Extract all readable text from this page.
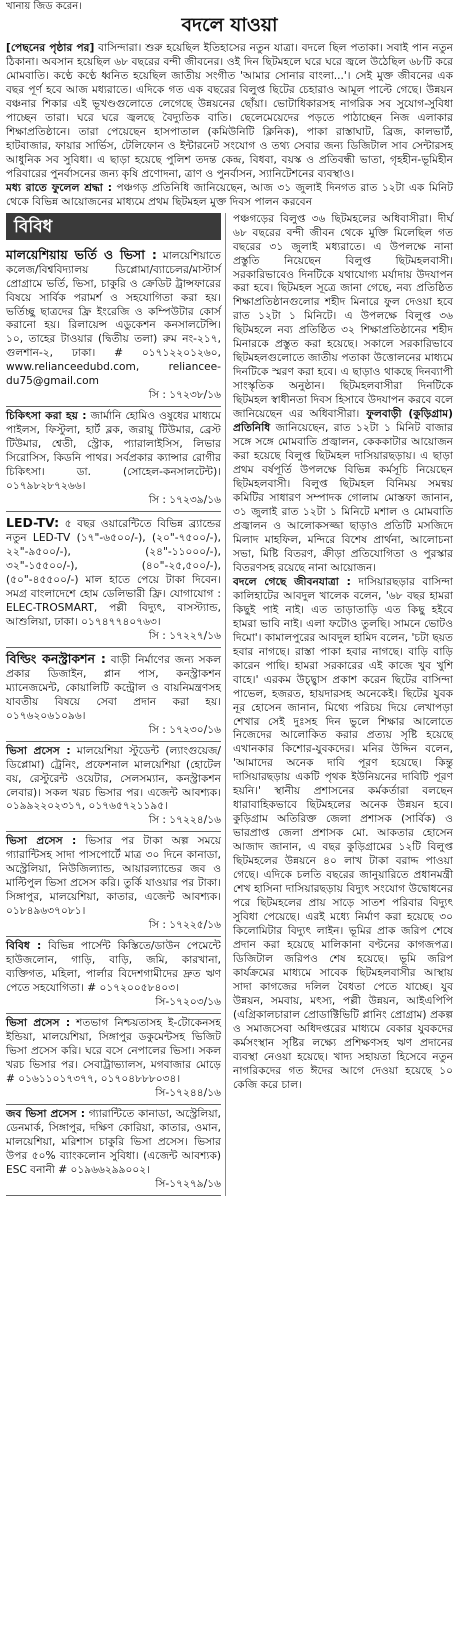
খানায় জিড করেন।
বদলে যাওয়া

[পেছনের পৃষ্ঠার পর] বাসিন্দারা। শুরু হয়েছিল ইতিহাসের নতুন যাত্রা। বদলে ছিল পতাকা। সবাই পান নতুন ঠিকানা। অবসান হয়েছিল ৬৮ বছরের বন্দী জীবনের। ওই দিন ছিটমহলে ঘরে ঘরে জ্বলে উঠেছিল ৬৮টি করে মোমবাতি। কণ্ঠে কণ্ঠে ধ্বনিত হয়েছিল জাতীয় সংগীত 'আমার সোনার বাংলা...'। সেই মুক্ত জীবনের এক বছর পূর্ণ হবে আজ মধ্যরাতে। এদিকে গত এক বছরের বিলুপ্ত ছিটের চেহারাও আমূল পাল্টে গেছে। উন্নয়ন বঞ্চনার শিকার এই ভূখণ্ডগুলোতে লেগেছে উন্নয়নের ছোঁয়া। ভোটাধিকারসহ নাগরিক সব সুযোগ-সুবিধা পাচ্ছেন তারা। ঘরে ঘরে জ্বলছে বৈদ্যুতিক বাতি। ছেলেমেয়েদের পড়তে পাঠাচ্ছেন নিজ এলাকার শিক্ষাপ্রতিষ্ঠানে। তারা পেয়েছেন হাসপাতাল (কমিউনিটি ক্লিনিক), পাকা রাস্তাঘাট, ব্রিজ, কালভার্ট, হাটবাজার, ফায়ার সার্ভিস, টেলিফোন ও ইন্টারনেট সংযোগ ও তথ্য সেবার জন্য ডিজিটাল সাব সেন্টারসহ আধুনিক সব সুবিধা। এ ছাড়া হয়েছে পুলিশ তদন্ত কেন্দ্র, বিধবা, বয়স্ক ও প্রতিবন্ধী ভাতা, গৃহহীন-ভূমিহীন পরিবারের পুনর্বাসনের জন্য কৃষি প্রণোদনা, ত্রাণ ও পুনর্বাসন, স্যানিটেশনের ব্যবস্থাও।

মধ্য রাতে ফুলেল শ্রদ্ধা : পঞ্চগড় প্রতিনিধি জানিয়েছেন, আজ ৩১ জুলাই দিনগত রাত ১২টা এক মিনিট থেকে বিভিন্ন আয়োজনের মাধ্যমে প্রথম ছিটমহল মুক্ত দিবস পালন করবেন

বিবিধ
মালয়েশিয়ায় ভর্তি ও ভিসা : মালয়েশিয়াতে কলেজ/বিশ্ববিদ্যালয় ডিপ্লোমা/ব্যাচেলর/মাস্টার্স প্রোগ্রামে ভর্তি, ভিসা, চাকুরি ও ক্রেডিট ট্রান্সফারের বিষয়ে সার্বিক পরামর্শ ও সহযোগিতা করা হয়। ভর্তিচ্ছু ছাত্রদের ফ্রি ইংরেজি ও কম্পিউটার কোর্স করানো হয়। রিলায়েন্স এডুকেশন কনসালটেন্সি। ১০, তাহের টাওয়ার (দ্বিতীয় তলা) রুম নং-২১৭, গুলশান-২, ঢাকা। # ০১৭১২২০১২৬০, www.relianceedubd.com, reliancee-du75@gmail.com
সি : ১৭২৩৮/১৬
চিকিৎসা করা হয় : জার্মানি হোমিও ওষুধের মাধ্যমে পাইলস, ফিস্টুলা, হার্ট ব্লক, জরায়ু টিউমার, ব্রেস্ট টিউমার, শ্বেতী, স্ট্রোক, প্যারালাইসিস, লিভার সিরোসিস, কিডনি পাথর। সর্বপ্রকার ক্যান্সার রোগীর চিকিৎসা। ডা. (সোহেল-কনসালটেন্ট)। ০১৭৯৮২৮৭২৬৬।
সি : ১৭২৩৯/১৬
LED-TV: ৫ বছর ওয়ারেন্টিতে বিভিন্ন ব্র্যান্ডের নতুন LED-TV (১৭"-৬৫০০/-), (২০"-৭৫০০/-), ২২"-৯৫০০/-), (২৪"-১১০০০/-), ৩২"-১৫৫০০/-), (৪০"-২৫,৫০০/-), (৫০"-৪৫৫০০/-) মাল হাতে পেয়ে টাকা দিবেন। সমগ্র বাংলাদেশে হোম ডেলিভারী ফ্রি। যোগাযোগ : ELEC-TROSMART, পল্লী বিদ্যুৎ, বাসস্ট্যান্ড, আশুলিয়া, ঢাকা। ০১৭৪৭৭৪০৭৬৩।
সি : ১৭২২৭/১৬
বিল্ডিং কনস্ট্রাকশন : বাড়ী নির্মাণের জন্য সকল প্রকার ডিজাইন, প্লান পাস, কনস্ট্রাকশন ম্যানেজমেন্ট, কোয়ালিটি কন্ট্রোল ও বায়নিমন্ত্রণসহ যাবতীয় বিষয়ে সেবা প্রদান করা হয়। ০১৭৬২০৬১০৯৬।
সি : ১৭২৩০/১৬
ভিসা প্রসেস : মালয়েশিয়া স্টুডেন্ট (ল্যাংগুয়েজ/ডিপ্লোমা) ট্রেনিং, প্রফেশনাল মালয়েশিয়া (হোটেল বয়, রেস্টুরেন্ট ওয়েটার, সেলসম্যান, কনস্ট্রাকশন লেবার)। সকল খরচ ভিসার পর। এজেন্ট আবশ্যক। ০১৯৯২২০২৩১৭, ০১৭৬৫৭২১১৯৫।
সি : ১৭২২৪/১৬
ভিসা প্রসেস : ভিসার পর টাকা অল্প সময়ে গ্যারান্টিসহ সাদা পাসপোর্টে মাত্র ৩০ দিনে কানাডা, অস্ট্রেলিয়া, নিউজিল্যান্ড, আয়ারল্যান্ডের জব ও মাল্টিপুল ভিসা প্রসেস করি। তুর্কি যাওয়ার পর টাকা। সিঙ্গাপুর, মালয়েশিয়া, কাতার, এজেন্ট আবশ্যক। ০১৮৪৯৬৩৭০৮১।
সি : ১৭২২৫/১৬
বিবিধ : বিভিন্ন পার্সেন্ট কিস্তিতে/ডাউন পেমেন্টে হাউজলোন, গাড়ি, বাড়ি, জমি, কারখানা, ব্যক্তিগত, মহিলা, পার্লার বিদেশগামীদের দ্রুত ঋণ পেতে সহযোগিতা। # ০১৭২০০৫৮৪০৩।
সি-১৭২০৩/১৬
ভিসা প্রসেস : শতভাগ নিশ্চয়তাসহ ই-টোকেনসহ ইন্ডিয়া, মালয়েশিয়া, সিঙ্গাপুর ডকুমেন্টসহ ভিজিট ভিসা প্রসেস করি। ঘরে বসে নেপালের ভিসা। সকল খরচ ভিসার পর। সেবাট্রাভ্যালস, মগবাজার মোড়ে # ০১৬১১০১৭৩৭৭, ০১৭০৪৮৮৮০৩৪।
সি-১৭২৪৪/১৬
জব ভিসা প্রসেস : গ্যারান্টিতে কানাডা, অস্ট্রেলিয়া, ডেনমার্ক, সিঙ্গাপুর, দক্ষিণ কোরিয়া, কাতার, ওমান, মালয়েশিয়া, মরিশাস চাকুরি ভিসা প্রসেস। ভিসার উপর ৫০% ব্যাংকলোন সুবিধা। (এজেন্ট আবশ্যক) ESC বনানী # ০১৯৬৬২৯৯০০২।
সি-১৭২৭৯/১৬

পঞ্চগড়ের বিলুপ্ত ৩৬ ছিটমহলের অধিবাসীরা। দীর্ঘ ৬৮ বছরের বন্দী জীবন থেকে মুক্তি মিলেছিল গত বছরের ৩১ জুলাই মধ্যরাতে। এ উপলক্ষে নানা প্রস্তুতি নিয়েছেন বিলুপ্ত ছিটমহলবাসী। সরকারিভাবেও দিনটিকে যথাযোগ্য মর্যাদায় উদযাপন করা হবে। ছিটমহল সূত্রে জানা গেছে, নব্য প্রতিষ্ঠিত শিক্ষাপ্রতিষ্ঠানগুলোর শহীদ মিনারে ফুল দেওয়া হবে রাত ১২টা ১ মিনিটে। এ উপলক্ষে বিলুপ্ত ৩৬ ছিটমহলে নব্য প্রতিষ্ঠিত ৩২ শিক্ষাপ্রতিষ্ঠানের শহীদ মিনারকে প্রস্তুত করা হয়েছে। সকালে সরকারিভাবে ছিটমহলগুলোতে জাতীয় পতাকা উত্তোলনের মাধ্যমে দিনটিকে স্মরণ করা হবে। এ ছাড়াও থাকছে দিনব্যাপী সাংস্কৃতিক অনুষ্ঠান। ছিটমহলবাসীরা দিনটিকে ছিটমহল স্বাধীনতা দিবস হিসাবে উদযাপন করবে বলে জানিয়েছেন এর অধিবাসীরা। ফুলবাড়ী (কুড়িগ্রাম) প্রতিনিধি জানিয়েছেন, রাত ১২টা ১ মিনিট বাজার সঙ্গে সঙ্গে মোমবাতি প্রজ্বালন, কেককাটার আয়োজন করা হয়েছে বিলুপ্ত ছিটমহল দাসিয়ারছড়ায়। এ ছাড়া প্রথম বর্ষপূর্তি উপলক্ষে বিভিন্ন কর্মসূচি নিয়েছেন ছিটমহলবাসী। বিলুপ্ত ছিটমহল বিনিময় সমন্বয় কমিটির সাধারণ সম্পাদক গোলাম মোস্তফা জানান, ৩১ জুলাই রাত ১২টা ১ মিনিটে মশাল ও মোমবাতি প্রজ্বালন ও আলোকসজ্জা ছাড়াও প্রতিটি মসজিদে মিলাদ মাহফিল, মন্দিরে বিশেষ প্রার্থনা, আলোচনা সভা, মিষ্টি বিতরণ, ক্রীড়া প্রতিযোগিতা ও পুরস্কার বিতরণসহ রয়েছে নানা আয়োজন।

বদলে গেছে জীবনযাত্রা : দাসিয়ারছড়ার বাসিন্দা কালিহাটের আবদুল খালেক বলেন, '৬৮ বছর হামরা কিছুই পাই নাই। এত তাড়াতাড়ি এত কিছু হইবে হামরা ভাবি নাই। এলা ফটোও তুলছি। সামনে ভোটও দিমো'। কামালপুরের আবদুল হামিদ বলেন, 'চটা ছয়ত হবার নাগছে। রাস্তা পাকা হবার নাগছে। বাড়ি বাড়ি কারেন পাছি। হামরা সরকারের এই কাজে খুব খুশি বাহে।' এরকম উচ্ছ্বাস প্রকাশ করেন ছিটের বাসিন্দা পাভেল, হজরত, হায়দারসহ অনেকেই। ছিটের যুবক নূর হোসেন জানান, মিথ্যে পরিচয় দিয়ে লেখাপড়া শেখার সেই দুঃসহ দিন ভুলে শিক্ষার আলোতে নিজেদের আলোকিত করার প্রত্যয় সৃষ্টি হয়েছে এখানকার কিশোর-যুবকদের। মনির উদ্দিন বলেন, 'আমাদের অনেক দাবি পূরণ হয়েছে। কিন্তু দাসিয়ারছড়ায় একটি পৃথক ইউনিয়নের দাবিটি পূরণ হয়নি।' স্থানীয় প্রশাসনের কর্মকর্তারা বলছেন ধারাবাহিকভাবে ছিটমহলের অনেক উন্নয়ন হবে। কুড়িগ্রাম অতিরিক্ত জেলা প্রশাসক (সার্বিক) ও ভারপ্রাপ্ত জেলা প্রশাসক মো. আকতার হোসেন আজাদ জানান, এ বছর কুড়িগ্রামের ১২টি বিলুপ্ত ছিটমহলের উন্নয়নে ৪০ লাখ টাকা বরাদ্দ পাওয়া গেছে। এদিকে চলতি বছরের জানুয়ারিতে প্রধানমন্ত্রী শেখ হাসিনা দাসিয়ারছড়ায় বিদ্যুৎ সংযোগ উদ্বোধনের পরে ছিটমহলের প্রায় সাড়ে সাতশ পরিবার বিদ্যুৎ সুবিধা পেয়েছে। এরই মধ্যে নির্মাণ করা হয়েছে ৩০ কিলোমিটার বিদ্যুৎ লাইন। ভূমির প্রাক জরিপ শেষে প্রদান করা হয়েছে মালিকানা বণ্টনের কাগজপত্র। ডিজিটাল জরিপও শেষ হয়েছে। ভূমি জরিপ কার্যক্রমের মাধ্যমে সাবেক ছিটমহলবাসীর আস্থায় সাদা কাগজের দলিল বৈধতা পেতে যাচ্ছে। যুব উন্নয়ন, সমবায়, মৎস্য, পল্লী উন্নয়ন, আইএপিপি (এগ্রিকালচারাল প্রোডাক্টিভিটি প্লানিং প্রোগ্রাম) প্রকল্প ও সমাজসেবা অধিদপ্তরের মাধ্যমে বেকার যুবকদের কর্মসংস্থান সৃষ্টির লক্ষ্যে প্রশিক্ষণসহ ঋণ প্রদানের ব্যবস্থা নেওয়া হয়েছে। খাদ্য সহায়তা হিসেবে নতুন নাগরিকদের গত ঈদের আগে দেওয়া হয়েছে ১০ কেজি করে চাল।
